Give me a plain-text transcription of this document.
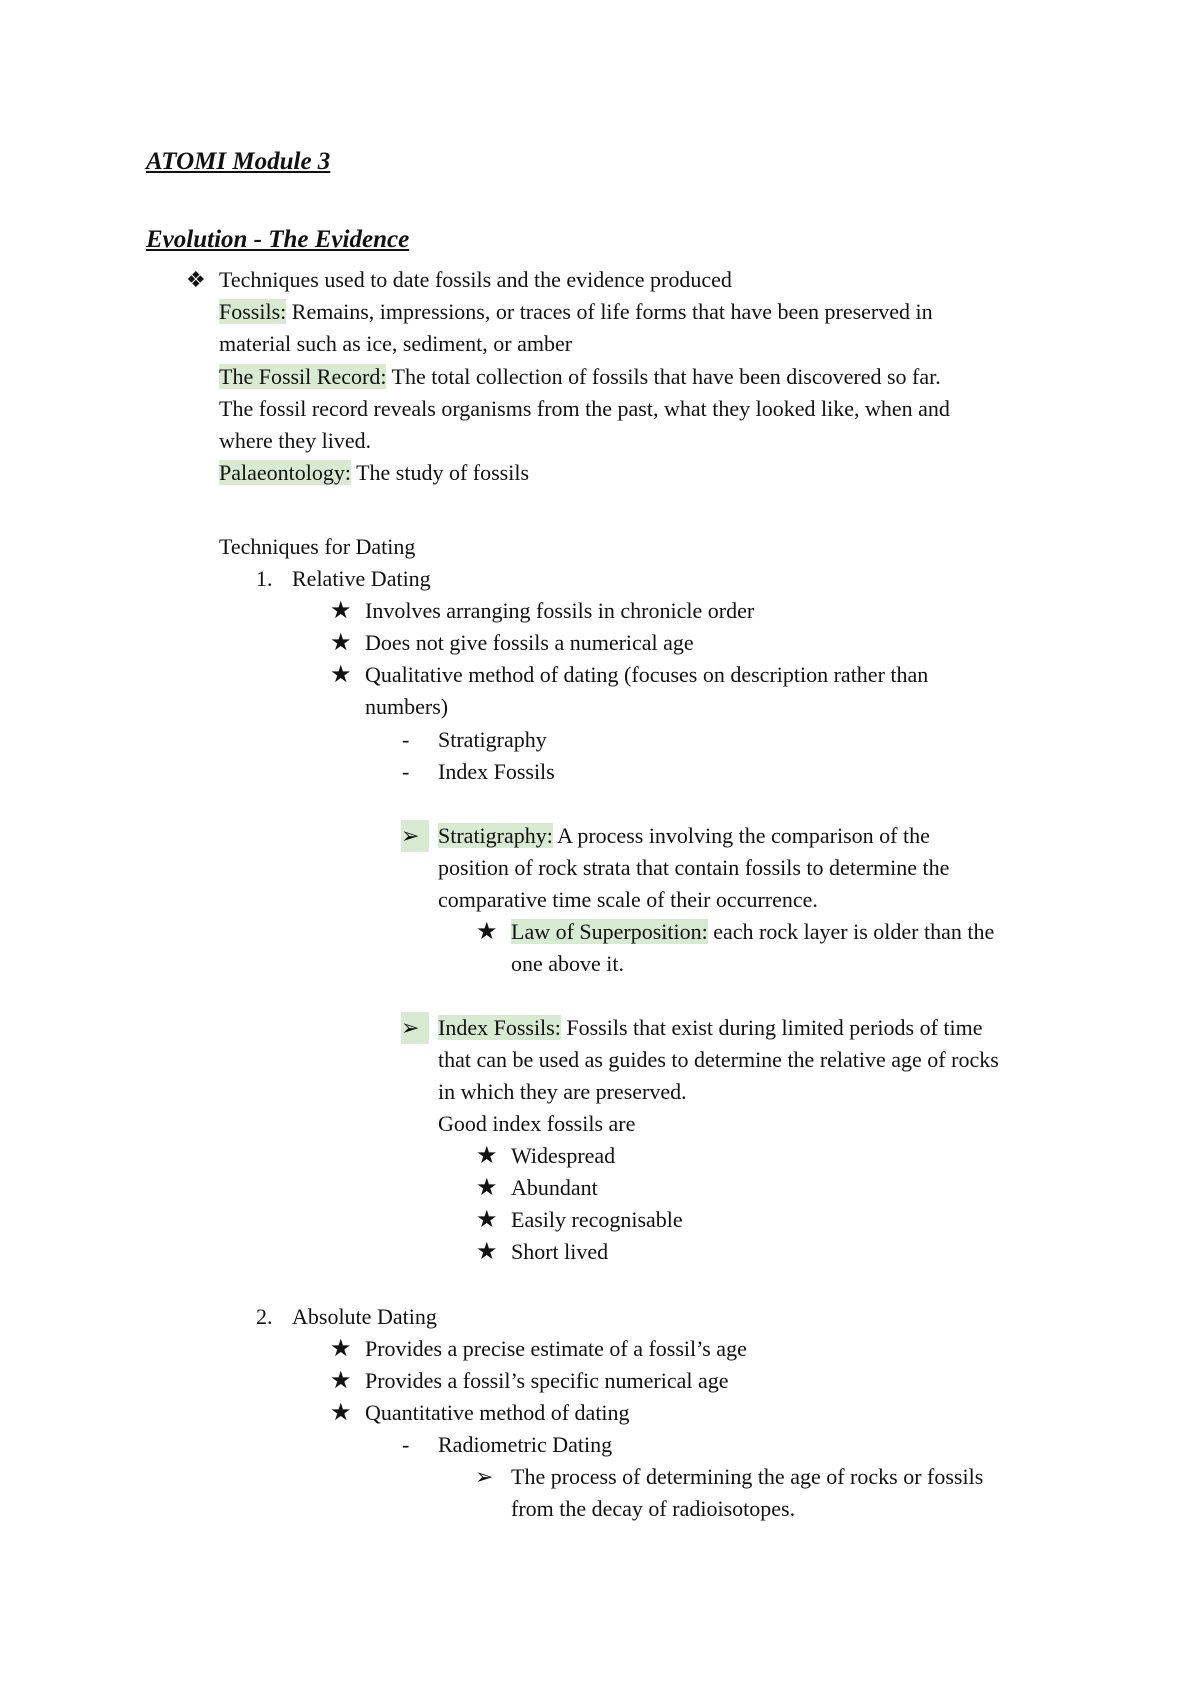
ATOMI Module 3
Evolution - The Evidence
❖ Techniques used to date fossils and the evidence produced
Fossils: Remains, impressions, or traces of life forms that have been preserved in
material such as ice, sediment, or amber
The Fossil Record: The total collection of fossils that have been discovered so far.
The fossil record reveals organisms from the past, what they looked like, when and
where they lived.
Palaeontology: The study of fossils
Techniques for Dating
1. Relative Dating
★ Involves arranging fossils in chronicle order
★ Does not give fossils a numerical age
★ Qualitative method of dating (focuses on description rather than
numbers)
- Stratigraphy
- Index Fossils
➢ Stratigraphy: A process involving the comparison of the
position of rock strata that contain fossils to determine the
comparative time scale of their occurrence.
★ Law of Superposition: each rock layer is older than the
one above it.
➢ Index Fossils: Fossils that exist during limited periods of time
that can be used as guides to determine the relative age of rocks
in which they are preserved.
Good index fossils are
★ Widespread
★ Abundant
★ Easily recognisable
★ Short lived
2. Absolute Dating
★ Provides a precise estimate of a fossil’s age
★ Provides a fossil’s specific numerical age
★ Quantitative method of dating
- Radiometric Dating
➢ The process of determining the age of rocks or fossils
from the decay of radioisotopes.
